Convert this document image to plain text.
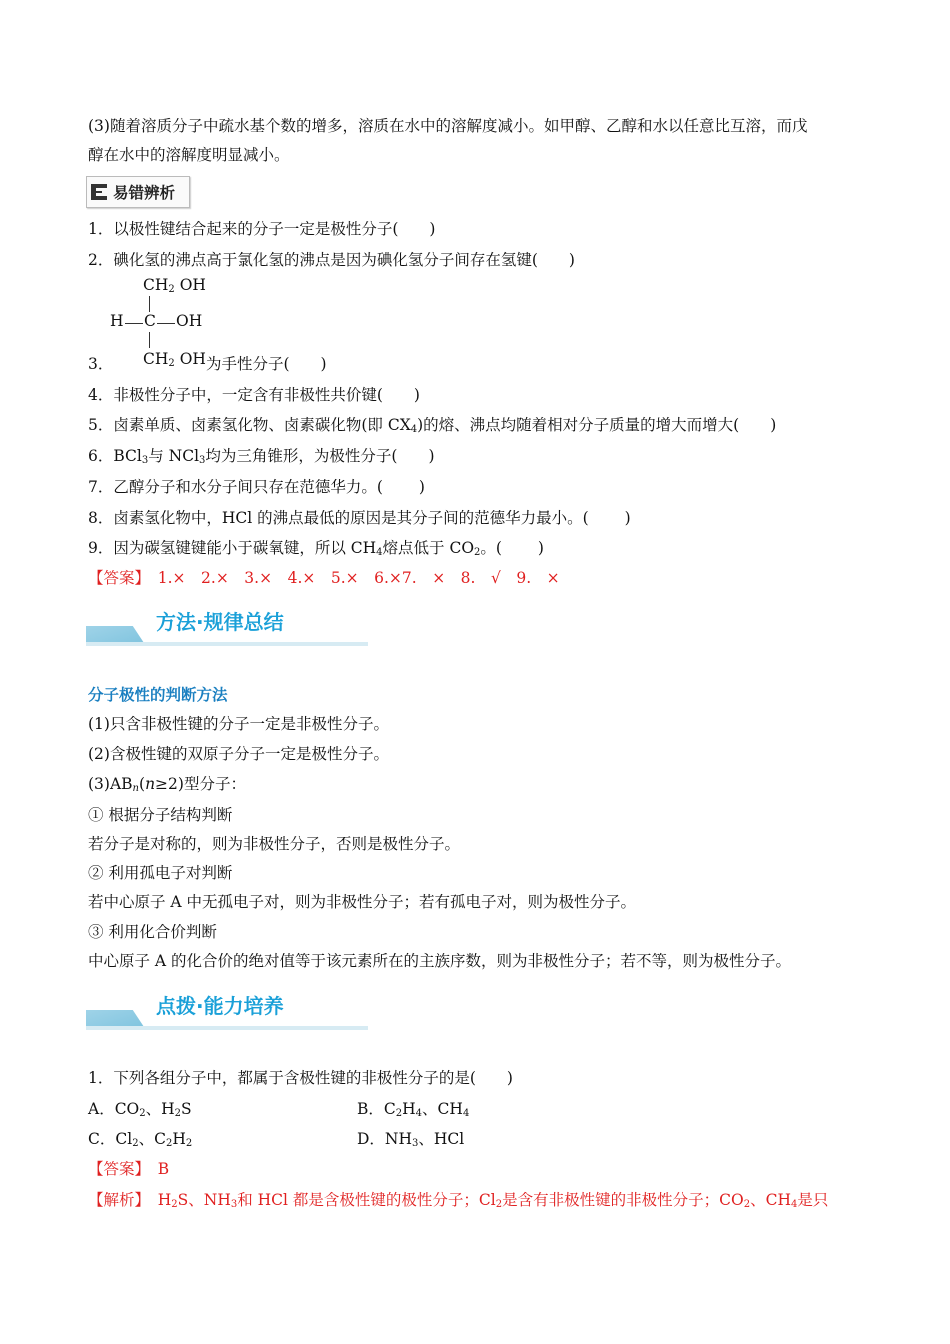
(3)随着溶质分子中疏水基个数的增多，溶质在水中的溶解度减小。如甲醇、乙醇和水以任意比互溶，而戊
醇在水中的溶解度明显减小。
易错辨析
1．以极性键结合起来的分子一定是极性分子(　　)
2．碘化氢的沸点高于氯化氢的沸点是因为碘化氢分子间存在氢键(　　)
$CH_2$ OH
H C OH
$CH_2$ OH
3．	为手性分子(　　)
4．非极性分子中，一定含有非极性共价键(　　)
5．卤素单质、卤素氢化物、卤素碳化物(即 $CX_4$)的熔、沸点均随着相对分子质量的增大而增大(　　)
6．BCl$_3$与 NCl$_3$均为三角锥形，为极性分子(　　)
7．乙醇分子和水分子间只存在范德华力。(　　 )
8．卤素氢化物中，HCl 的沸点最低的原因是其分子间的范德华力最小。(　　 )
9．因为碳氢键键能小于碳氧键，所以 $CH_4$熔点低于 $CO_2$。(　　 )
【答案】　1.×　2.×　3.×　4.×　5.×　6.×7.　×　8.　√　9.　×
方法·规律总结
分子极性的判断方法
(1)只含非极性键的分子一定是非极性分子。
(2)含极性键的双原子分子一定是极性分子。
$(3)AB_n(n\ge 2)$型分子：
① 根据分子结构判断
若分子是对称的，则为非极性分子，否则是极性分子。
② 利用孤电子对判断
若中心原子 A 中无孤电子对，则为非极性分子；若有孤电子对，则为极性分子。
③ 利用化合价判断
中心原子 A 的化合价的绝对值等于该元素所在的主族序数，则为非极性分子；若不等，则为极性分子。
点拨·能力培养
1．下列各组分子中，都属于含极性键的非极性分子的是(　　)
A．$CO_2$、$H_2S$	B．$C_2H_4$、$CH_4$
C．$Cl_2$、$C_2H_2$	D．$NH_3$、HCl
【答案】　B
【解析】　$H_2S$、$NH_3$和 HCl 都是含极性键的极性分子；$Cl_2$是含有非极性键的非极性分子；$CO_2$、$CH_4$是只
